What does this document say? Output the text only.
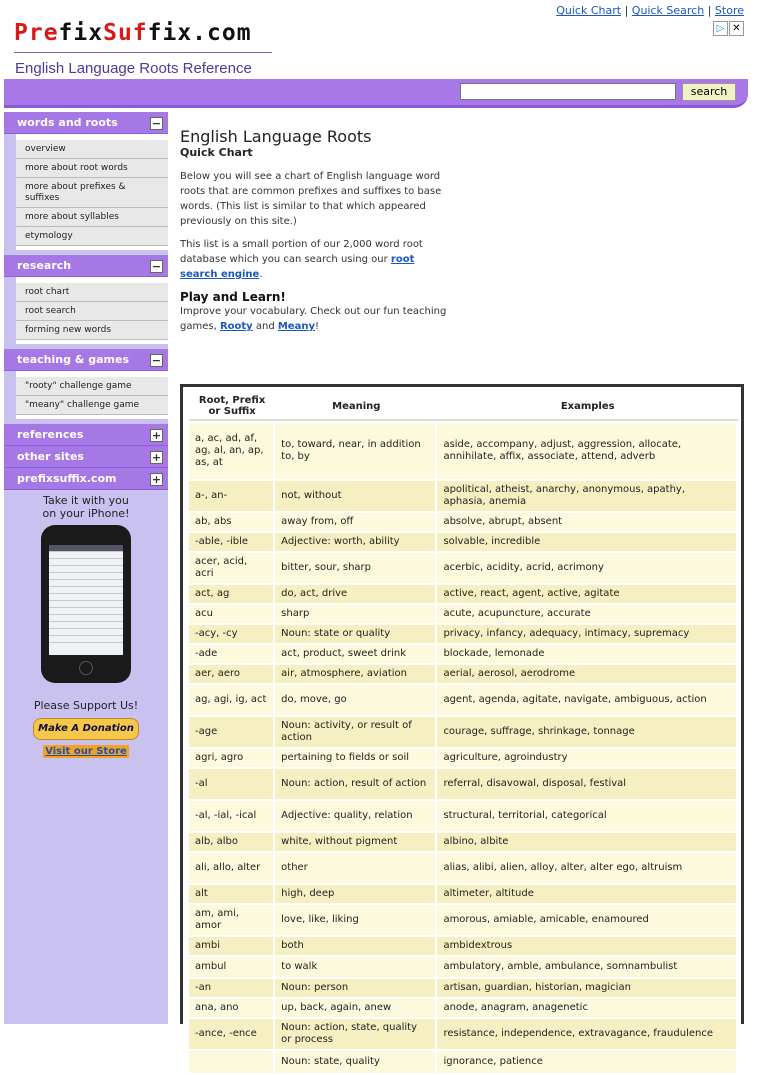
Quick Chart | Quick Search | Store
▷ ✕
PrefixSuffix.com
English Language Roots Reference
search
words and roots	−
overview
more about root words
more about prefixes & suffixes
more about syllables
etymology
research	−
root chart
root search
forming new words
teaching & games −
"rooty" challenge game
"meany" challenge game
references	+
other sites	+
prefixsuffix.com	+
Take it with you
on your iPhone!
Please Support Us!
Make A Donation
Visit our Store
English Language Roots
Quick Chart

Below you will see a chart of English language word roots that are common prefixes and suffixes to base words. (This list is similar to that which appeared previously on this site.)

This list is a small portion of our 2,000 word root database which you can search using our root search engine.

Play and Learn!

Improve your vocabulary. Check out our fun teaching games, Rooty and Meany!

Root, Prefix or Suffix	Meaning	Examples
a, ac, ad, af, ag, al, an, ap, as, at	to, toward, near, in addition to, by	aside, accompany, adjust, aggression, allocate, annihilate, affix, associate, attend, adverb
a-, an-	not, without	apolitical, atheist, anarchy, anonymous, apathy, aphasia, anemia
ab, abs	away from, off	absolve, abrupt, absent
-able, -ible	Adjective: worth, ability	solvable, incredible
acer, acid, acri	bitter, sour, sharp	acerbic, acidity, acrid, acrimony
act, ag	do, act, drive	active, react, agent, active, agitate
acu	sharp	acute, acupuncture, accurate
-acy, -cy	Noun: state or quality	privacy, infancy, adequacy, intimacy, supremacy
-ade	act, product, sweet drink	blockade, lemonade
aer, aero	air, atmosphere, aviation	aerial, aerosol, aerodrome
ag, agi, ig, act	do, move, go	agent, agenda, agitate, navigate, ambiguous, action
-age	Noun: activity, or result of action	courage, suffrage, shrinkage, tonnage
agri, agro	pertaining to fields or soil	agriculture, agroindustry
-al	Noun: action, result of action	referral, disavowal, disposal, festival
-al, -ial, -ical	Adjective: quality, relation	structural, territorial, categorical
alb, albo	white, without pigment	albino, albite
ali, allo, alter	other	alias, alibi, alien, alloy, alter, alter ego, altruism
alt	high, deep	altimeter, altitude
am, ami, amor	love, like, liking	amorous, amiable, amicable, enamoured
ambi	both	ambidextrous
ambul	to walk	ambulatory, amble, ambulance, somnambulist
-an	Noun: person	artisan, guardian, historian, magician
ana, ano	up, back, again, anew	anode, anagram, anagenetic
-ance, -ence	Noun: action, state, quality or process	resistance, independence, extravagance, fraudulence
	Noun: state, quality	ignorance, patience
